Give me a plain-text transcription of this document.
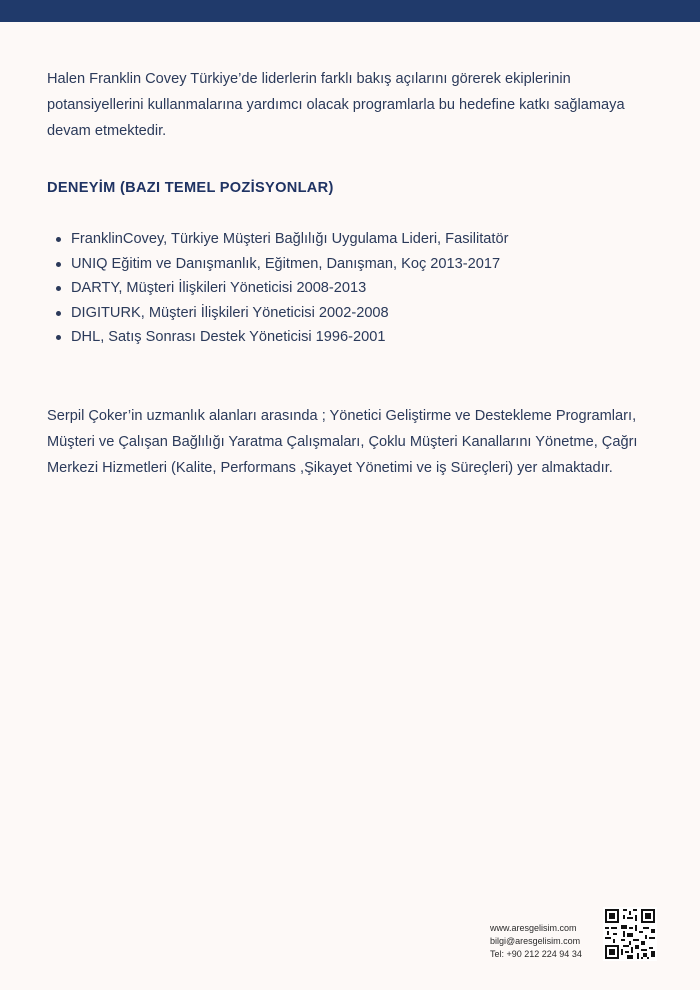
Halen Franklin Covey Türkiye’de liderlerin farklı bakış açılarını görerek ekiplerinin potansiyellerini kullanmalarına yardımcı olacak programlarla bu hedefine katkı sağlamaya devam etmektedir.

DENEYİM (BAZI TEMEL POZİSYONLAR)
FranklinCovey, Türkiye Müşteri Bağlılığı Uygulama Lideri, Fasilitatör
UNIQ Eğitim ve Danışmanlık, Eğitmen, Danışman, Koç 2013-2017
DARTY, Müşteri İlişkileri Yöneticisi 2008-2013
DIGITURK, Müşteri İlişkileri Yöneticisi 2002-2008
DHL, Satış Sonrası Destek Yöneticisi 1996-2001

Serpil Çoker’in uzmanlık alanları arasında ; Yönetici Geliştirme ve Destekleme Programları, Müşteri ve Çalışan Bağlılığı Yaratma Çalışmaları, Çoklu Müşteri Kanallarını Yönetme, Çağrı Merkezi Hizmetleri (Kalite, Performans ,Şikayet Yönetimi ve iş Süreçleri) yer almaktadır.

www.aresgelisim.com
bilgi@aresgelisim.com
Tel: +90 212 224 94 34
